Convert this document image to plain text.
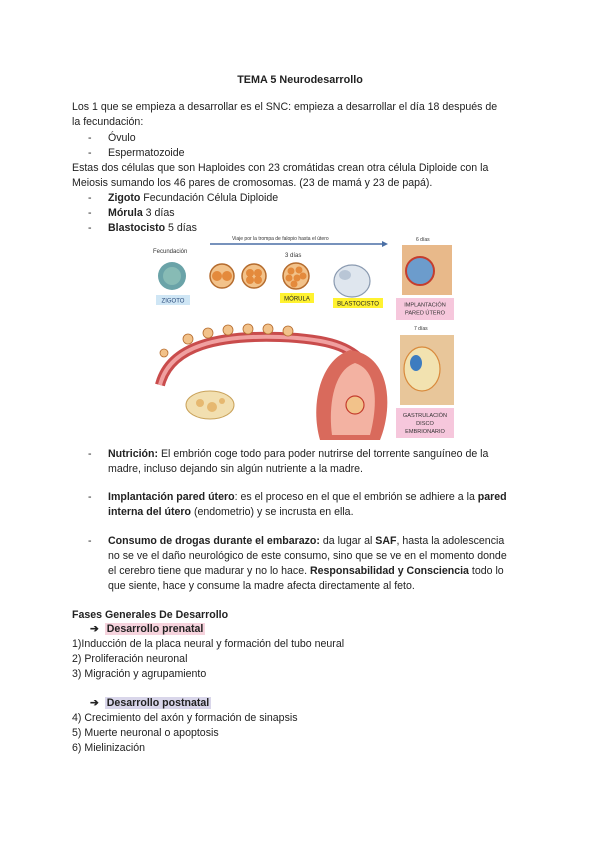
TEMA 5 Neurodesarrollo
Los 1 que se empieza a desarrollar es el SNC: empieza a desarrollar el día 18 después de
la fecundación:
- Óvulo
- Espermatozoide
Estas dos células que son Haploides con 23 cromátidas crean otra célula Diploide con la
Meiosis sumando los 46 pares de cromosomas. (23 de mamá y 23 de papá).
- Zigoto Fecundación Célula Diploide
- Mórula 3 días
- Blastocisto 5 días
Fecundación
Viaje por la trompa de falopio hasta el útero
3 días
ZIGOTO	MÓRULA
BLASTOCISTO
6 días
IMPLANTACIÓN
PARED ÚTERO
7 días
GASTRULACIÓN
DISCO
EMBRIONARIO
- Nutrición: El embrión coge todo para poder nutrirse del torrente sanguíneo de la
madre, incluso dejando sin algún nutriente a la madre.
- Implantación pared útero: es el proceso en el que el embrión se adhiere a la pared
interna del útero (endometrio) y se incrusta en ella.
- Consumo de drogas durante el embarazo: da lugar al SAF, hasta la adolescencia
no se ve el daño neurológico de este consumo, sino que se ve en el momento donde
el cerebro tiene que madurar y no lo hace. Responsabilidad y Consciencia todo lo
que siente, hace y consume la madre afecta directamente al feto.
Fases Generales De Desarrollo
➔ Desarrollo prenatal
1)Inducción de la placa neural y formación del tubo neural
2) Proliferación neuronal
3) Migración y agrupamiento
➔ Desarrollo postnatal
4) Crecimiento del axón y formación de sinapsis
5) Muerte neuronal o apoptosis
6) Mielinización
